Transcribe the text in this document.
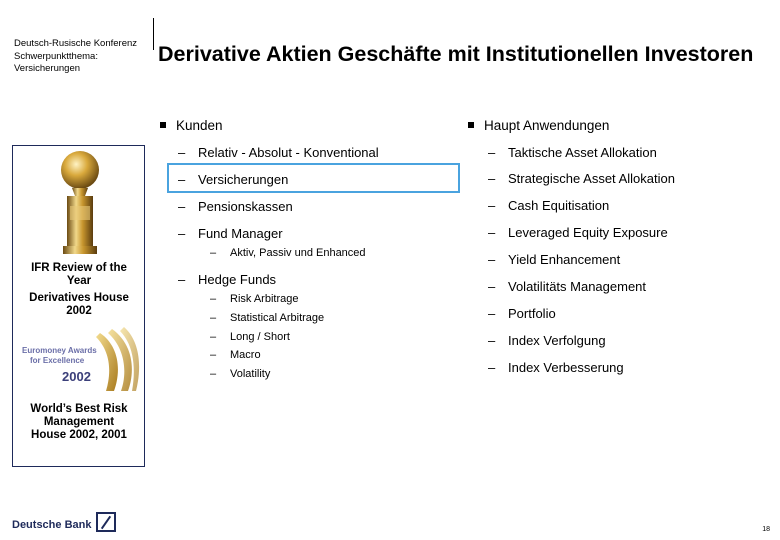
Deutsch-Rusische Konferenz
Schwerpunktthema:
Versicherungen
Derivative Aktien Geschäfte mit Institutionellen Investoren
IFR Review of the
Year
Derivatives House
2002
Euromoney Awards
for Excellence
2002
World’s Best Risk
Management
House 2002, 2001
Kunden
– Relativ - Absolut - Konventional
– Versicherungen
– Pensionskassen
– Fund Manager
– Aktiv, Passiv und Enhanced
– Hedge Funds
– Risk Arbitrage
– Statistical Arbitrage
– Long / Short
– Macro
– Volatility
Haupt Anwendungen
– Taktische Asset Allokation
– Strategische Asset Allokation
– Cash Equitisation
– Leveraged Equity Exposure
– Yield Enhancement
– Volatilitäts Management
– Portfolio
– Index Verfolgung
– Index Verbesserung
Deutsche Bank	18
